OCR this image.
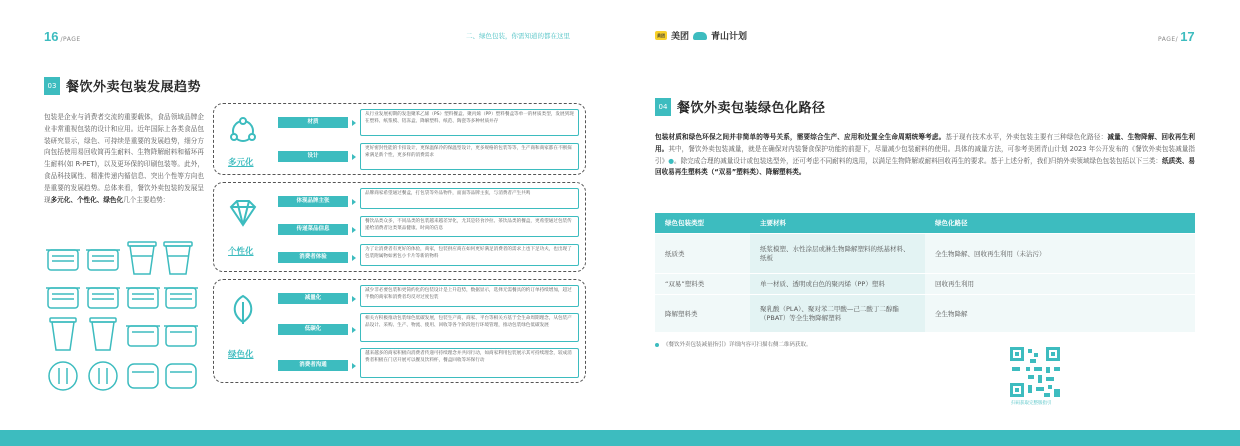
16 /PAGE	二、绿色包装，你需知道的都在这里
03 餐饮外卖包装发展趋势
包装是企业与消费者交流的重要载体，食品领域品牌企业非常重视包装的设计和应用。近年国际上各类食品包装研究显示，绿色、可持续是重要的发展趋势，细分方向包括使用易回收简再生耐料、生物降解耐料和循环再生耐料(如 R-PET)，以及更环保的印刷包装等。此外，食品科技属性、精准传递内循信息、突出个性等方向也是重要的发展趋势。总体来看，餐饮外卖包装的发展呈现多元化、个性化、绿色化几个主要趋势：
多元化
材质
从行业发展初期的发泡聚苯乙烯（PS）塑料餐盒、聚丙烯（PP）塑料餐盒等单一的材质类型，发展到现在塑料、纸浆模、铝冻盒、降解塑料、纸范、陶瓷等多种材质并存
设计
更好密封性能的卡扣设计，更保温保冷的保温型设计，更多规格的包装等等，生产商和商家都在不断探索满足新个性，更多样的消费需求
个性化
体现品牌主张
品牌商家希望通过餐盒，打包袋等外品物件，面面等品牌主张，与消费者产生共鸣
传递菜品信息
餐饮品类众多，不同品类的包装越来越差异化，尤其是轻食沙拉、茶饮品类的餐盒，更希望通过包装传递给消费者这类菜品健康、时尚的信息
消费者体验
为了让消费者有更好的体验，商家，包装供应商在如何更好满足消费者的需求上也下足功夫，也出现了包装附属物如密包小卡片等新的物料
绿色化
减量化
减少非必要包装和更简约化的包装设计是上升趋势，数据显示，选择无需餐具的约订单持续增加，超过半数的商家和消费者均反对过度包装
低碳化
相关方积极推动包装绿色低碳发展，包装生产商、商家、平台等相关方基于全生命周期理念，从包装产品设计、采购、生产、物流、使用、回收等各个阶段进行环境管理，推动包装绿色低碳发展
消费者沟通
越来越多的商家积极向消费者传递可持续理念并共同行动，如商家利用包装展示其可持续理念，较成消费者积极在门店开展可以餐及饮料杯，餐盒回收等环保行动
美团 美团 青山计划	PAGE/ 17
04 餐饮外卖包装绿色化路径
包装材质和绿色环保之间并非简单的等号关系，需要综合生产、应用和处置全生命周期统筹考虑。基于现有技术水平，外卖包装主要有三种绿色化路径：减量、生物降解、回收再生利用。其中，餐饮外卖包装减量，就是在确保对内装餐食保护功能的前提下，尽量减少包装耐料的使用。具体的减量方法，可参考美团青山计划 2023 年公开发布的《餐饮外卖包装减量指引》●。除完成合理的减量设计或包装选型外，还可考虑不同耐料的选用，以满足生物降解或耐料回收再生的要求。基于上述分析，我们归纳外卖领域绿色包装包括以下三类：纸质类、易回收易再生塑料类（“双易”塑料类）、降解塑料类。
绿色包装类型	主要材料	绿色化路径
纸质类	纸浆模塑、水性涂层或淋生物降解塑料的纸基材料、纸板	全生物降解、回收再生利用（未沾污）
“双易”塑料类	单一材质、透明或白色的聚丙烯（PP）塑料	回收再生利用
降解塑料类	聚乳酸（PLA）、聚对苯二甲酸—己二酸丁二醇酯（PBAT）等全生物降解塑料	全生物降解
《餐饮外卖包装减量指引》详细内容可扫描右侧二维码获取。
扫码获取完整版指引
